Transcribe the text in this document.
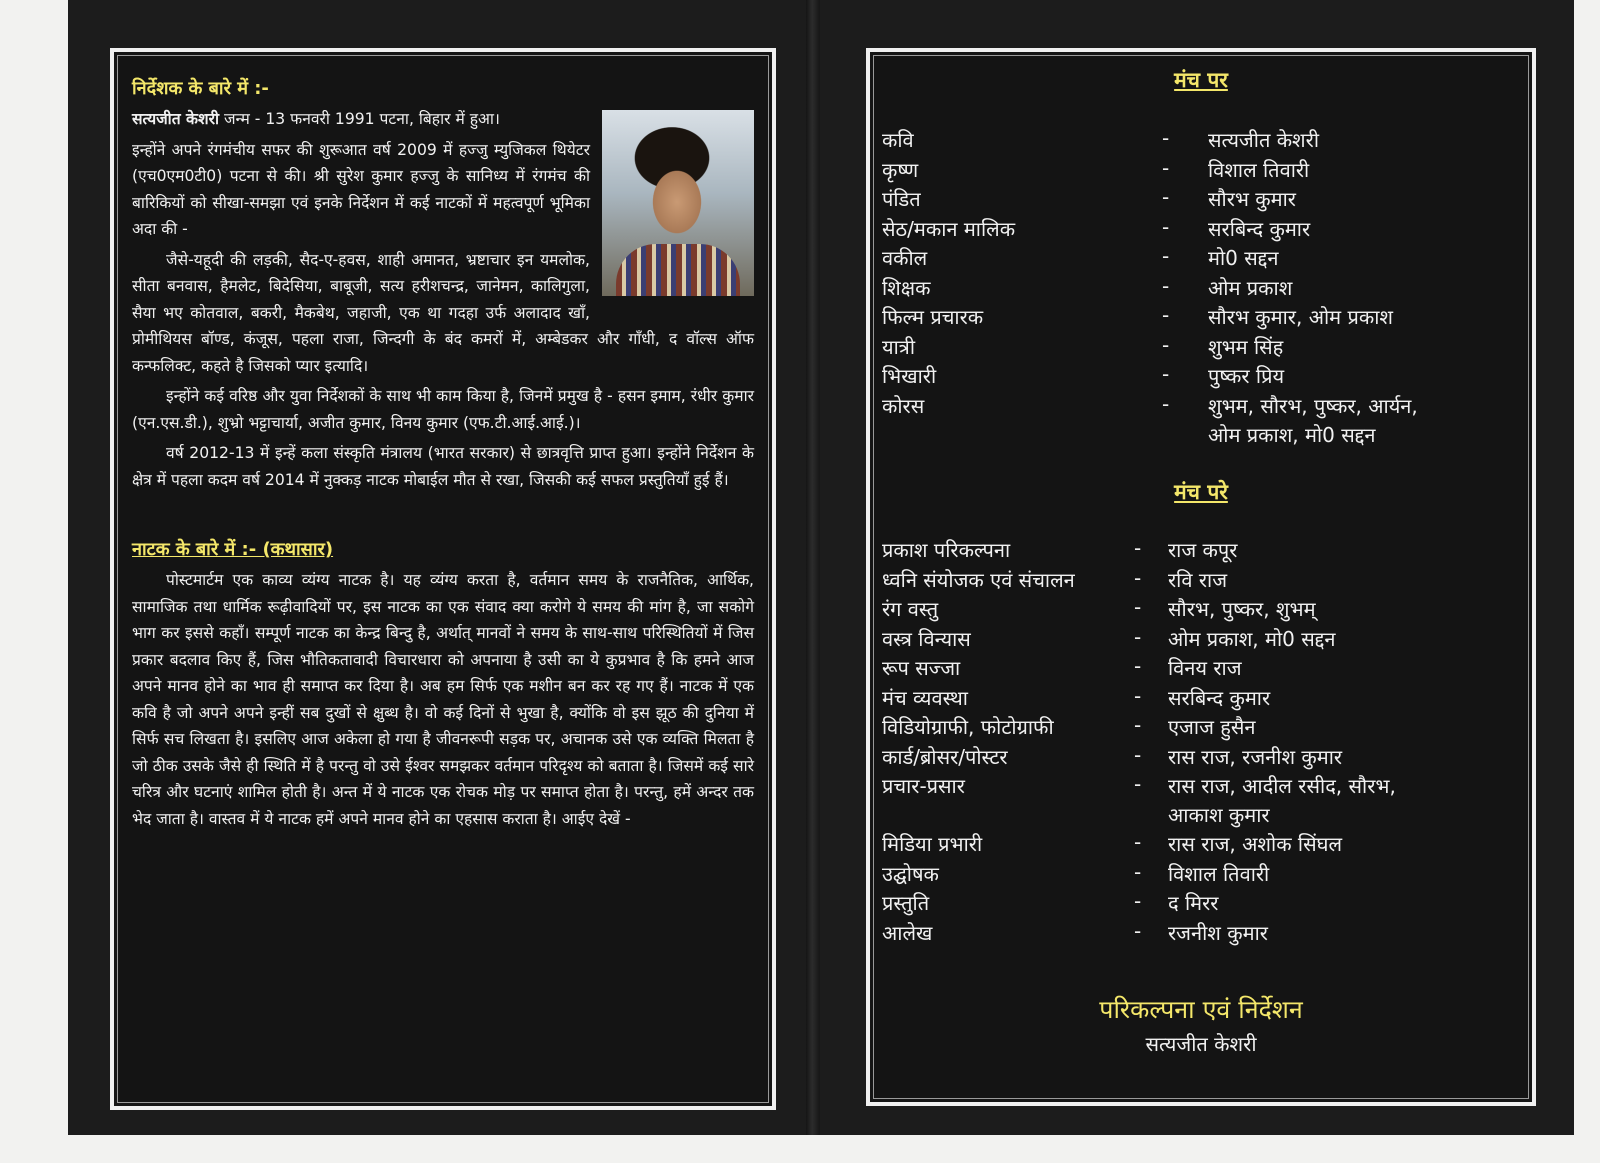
निर्देशक के बारे में :-

सत्यजीत केशरी जन्म - 13 फनवरी 1991 पटना, बिहार में हुआ।

इन्होंने अपने रंगमंचीय सफर की शुरूआत वर्ष 2009 में हज्जु म्युजिकल थियेटर (एच0एम0टी0) पटना से की। श्री सुरेश कुमार हज्जु के सानिध्य में रंगमंच की बारिकियों को सीखा-समझा एवं इनके निर्देशन में कई नाटकों में महत्वपूर्ण भूमिका अदा की -

जैसे-यहूदी की लड़की, सैद-ए-हवस, शाही अमानत, भ्रष्टाचार इन यमलोक, सीता बनवास, हैमलेट, बिदेसिया, बाबूजी, सत्य हरीशचन्द्र, जानेमन, कालिगुला, सैया भए कोतवाल, बकरी, मैकबेथ, जहाजी, एक था गदहा उर्फ अलादाद खाँ, प्रोमीथियस बॉण्ड, कंजूस, पहला राजा, जिन्दगी के बंद कमरों में, अम्बेडकर और गाँधी, द वॉल्स ऑफ कन्फलिक्ट, कहते है जिसको प्यार इत्यादि।

इन्होंने कई वरिष्ठ और युवा निर्देशकों के साथ भी काम किया है, जिनमें प्रमुख है - हसन इमाम, रंधीर कुमार (एन.एस.डी.), शुभ्रो भट्टाचार्या, अजीत कुमार, विनय कुमार (एफ.टी.आई.आई.)।

वर्ष 2012-13 में इन्हें कला संस्कृति मंत्रालय (भारत सरकार) से छात्रवृत्ति प्राप्त हुआ। इन्होंने निर्देशन के क्षेत्र में पहला कदम वर्ष 2014 में नुक्कड़ नाटक मोबाईल मौत से रखा, जिसकी कई सफल प्रस्तुतियाँ हुई हैं।

नाटक के बारे में :- (कथासार)

पोस्टमार्टम एक काव्य व्यंग्य नाटक है। यह व्यंग्य करता है, वर्तमान समय के राजनैतिक, आर्थिक, सामाजिक तथा धार्मिक रूढ़ीवादियों पर, इस नाटक का एक संवाद क्या करोगे ये समय की मांग है, जा सकोगे भाग कर इससे कहाँ। सम्पूर्ण नाटक का केन्द्र बिन्दु है, अर्थात् मानवों ने समय के साथ-साथ परिस्थितियों में जिस प्रकार बदलाव किए हैं, जिस भौतिकतावादी विचारधारा को अपनाया है उसी का ये कुप्रभाव है कि हमने आज अपने मानव होने का भाव ही समाप्त कर दिया है। अब हम सिर्फ एक मशीन बन कर रह गए हैं। नाटक में एक कवि है जो अपने अपने इन्हीं सब दुखों से क्षुब्ध है। वो कई दिनों से भुखा है, क्योंकि वो इस झूठ की दुनिया में सिर्फ सच लिखता है। इसलिए आज अकेला हो गया है जीवनरूपी सड़क पर, अचानक उसे एक व्यक्ति मिलता है जो ठीक उसके जैसे ही स्थिति में है परन्तु वो उसे ईश्वर समझकर वर्तमान परिदृश्य को बताता है। जिसमें कई सारे चरित्र और घटनाएं शामिल होती है। अन्त में ये नाटक एक रोचक मोड़ पर समाप्त होता है। परन्तु, हमें अन्दर तक भेद जाता है। वास्तव में ये नाटक हमें अपने मानव होने का एहसास कराता है। आईए देखें -

मंच पर
कवि	- सत्यजीत केशरी
कृष्ण	- विशाल तिवारी
पंडित	- सौरभ कुमार
सेठ/मकान मालिक	- सरबिन्द कुमार
वकील	- मो0 सद्दन
शिक्षक	- ओम प्रकाश
फिल्म प्रचारक	- सौरभ कुमार, ओम प्रकाश
यात्री	- शुभम सिंह
भिखारी	- पुष्कर प्रिय
कोरस	- शुभम, सौरभ, पुष्कर, आर्यन,
ओम प्रकाश, मो0 सद्दन
मंच परे
प्रकाश परिकल्पना	- राज कपूर
ध्वनि संयोजक एवं संचालन	- रवि राज
रंग वस्तु	- सौरभ, पुष्कर, शुभम्
वस्त्र विन्यास	- ओम प्रकाश, मो0 सद्दन
रूप सज्जा	- विनय राज
मंच व्यवस्था	- सरबिन्द कुमार
विडियोग्राफी, फोटोग्राफी	- एजाज हुसैन
कार्ड/ब्रोसर/पोस्टर	- रास राज, रजनीश कुमार
प्रचार-प्रसार	- रास राज, आदील रसीद, सौरभ,
आकाश कुमार
मिडिया प्रभारी	- रास राज, अशोक सिंघल
उद्घोषक	- विशाल तिवारी
प्रस्तुति	- द मिरर
आलेख	- रजनीश कुमार
परिकल्पना एवं निर्देशन
सत्यजीत केशरी
